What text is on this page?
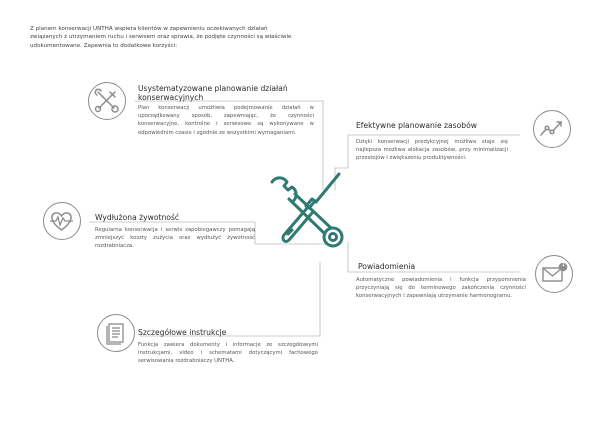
Z planem konserwacji UNTHA wspiera klientów w zapewnieniu oczekiwanych działań związanych z utrzymaniem ruchu i serwisem oraz sprawia, że podjęte czynności są właściwie udokumentowane. Zapewnia to dodatkowe korzyści:
Usystematyzowane planowanie działań konserwacyjnych
Plan konserwacji umożliwia podejmowanie działań w uporządkowany sposób, zapewniając, że czynności konserwacyjne, kontrolne i serwisowe są wykonywane w odpowiednim czasie i zgodnie ze wszystkimi wymaganiami.
Wydłużona żywotność
Regularna konserwacja i serwis zapobiegawczy pomagają zmniejszyć koszty zużycia oraz wydłużyć żywotność rozdrabniacza.
Szczegółowe instrukcje
Funkcja zawiera dokumenty i informacje ze szczegółowymi instrukcjami, video i schematami dotyczącymi fachowego serwisowania rozdrabniaczy UNTHA.
Efektywne planowanie zasobów
Dzięki konserwacji predykcyjnej możliwa staje się najlepsza możliwa alokacja zasobów, przy minimalizacji przestojów i zwiększeniu produktywności.
Powiadomienia
Automatyczne powiadomienia i funkcja przypomnienia przyczyniają się do terminowego zakończenia czynności konserwacyjnych i zapewniają utrzymanie harmonogramu.
1
